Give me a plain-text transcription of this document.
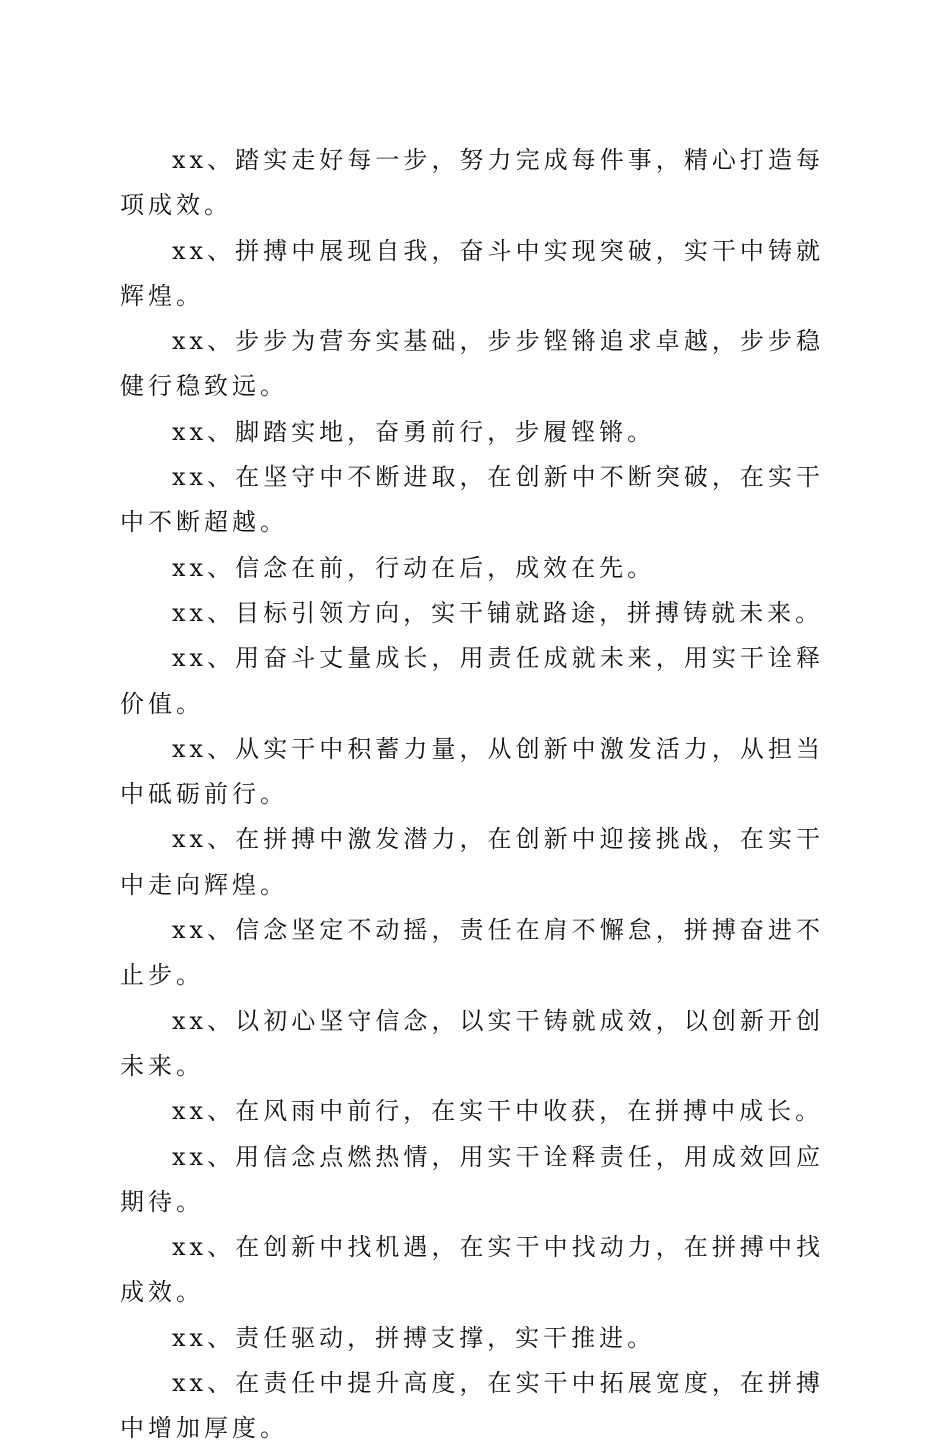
xx、踏实走好每一步，努力完成每件事，精心打造每项成效。

xx、拼搏中展现自我，奋斗中实现突破，实干中铸就辉煌。

xx、步步为营夯实基础，步步铿锵追求卓越，步步稳健行稳致远。

xx、脚踏实地，奋勇前行，步履铿锵。

xx、在坚守中不断进取，在创新中不断突破，在实干中不断超越。

xx、信念在前，行动在后，成效在先。

xx、目标引领方向，实干铺就路途，拼搏铸就未来。

xx、用奋斗丈量成长，用责任成就未来，用实干诠释价值。

xx、从实干中积蓄力量，从创新中激发活力，从担当中砥砺前行。

xx、在拼搏中激发潜力，在创新中迎接挑战，在实干中走向辉煌。

xx、信念坚定不动摇，责任在肩不懈怠，拼搏奋进不止步。

xx、以初心坚守信念，以实干铸就成效，以创新开创未来。

xx、在风雨中前行，在实干中收获，在拼搏中成长。

xx、用信念点燃热情，用实干诠释责任，用成效回应期待。

xx、在创新中找机遇，在实干中找动力，在拼搏中找成效。

xx、责任驱动，拼搏支撑，实干推进。

xx、在责任中提升高度，在实干中拓展宽度，在拼搏中增加厚度。
